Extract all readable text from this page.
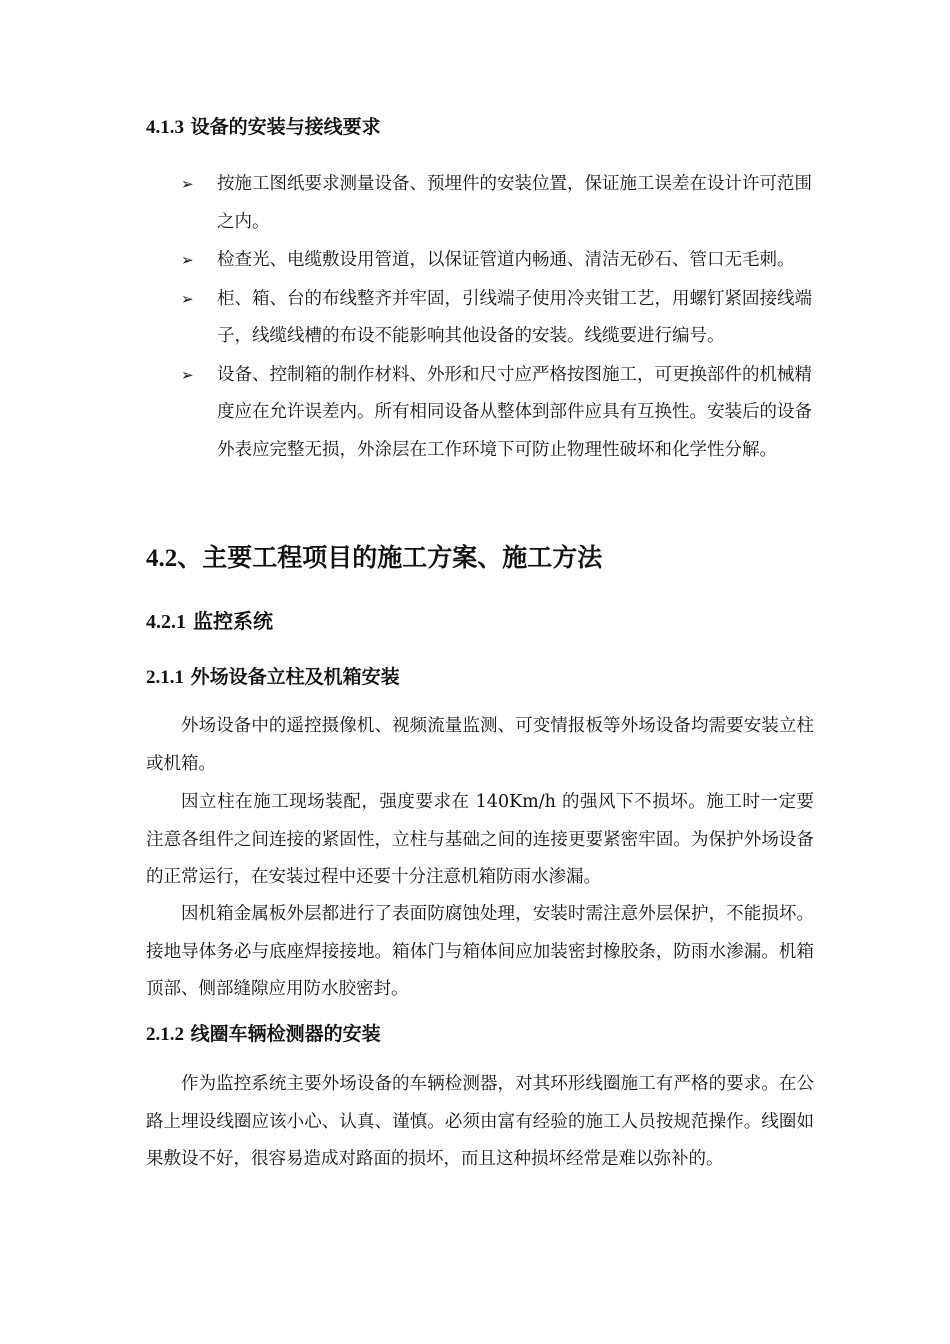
4.1.3 设备的安装与接线要求
➢ 按施工图纸要求测量设备、预埋件的安装位置，保证施工误差在设计许可范围之内。
➢ 检查光、电缆敷设用管道，以保证管道内畅通、清洁无砂石、管口无毛刺。
➢ 柜、箱、台的布线整齐并牢固，引线端子使用冷夹钳工艺，用螺钉紧固接线端子，线缆线槽的布设不能影响其他设备的安装。线缆要进行编号。
➢ 设备、控制箱的制作材料、外形和尺寸应严格按图施工，可更换部件的机械精度应在允许误差内。所有相同设备从整体到部件应具有互换性。安装后的设备外表应完整无损，外涂层在工作环境下可防止物理性破坏和化学性分解。
4.2、主要工程项目的施工方案、施工方法
4.2.1 监控系统
2.1.1 外场设备立柱及机箱安装

外场设备中的遥控摄像机、视频流量监测、可变情报板等外场设备均需要安装立柱或机箱。

因立柱在施工现场装配，强度要求在 140Km/h 的强风下不损坏。施工时一定要注意各组件之间连接的紧固性，立柱与基础之间的连接更要紧密牢固。为保护外场设备的正常运行，在安装过程中还要十分注意机箱防雨水渗漏。

因机箱金属板外层都进行了表面防腐蚀处理，安装时需注意外层保护，不能损坏。接地导体务必与底座焊接接地。箱体门与箱体间应加装密封橡胶条，防雨水渗漏。机箱顶部、侧部缝隙应用防水胶密封。

2.1.2 线圈车辆检测器的安装

作为监控系统主要外场设备的车辆检测器，对其环形线圈施工有严格的要求。在公路上埋设线圈应该小心、认真、谨慎。必须由富有经验的施工人员按规范操作。线圈如果敷设不好，很容易造成对路面的损坏，而且这种损坏经常是难以弥补的。
